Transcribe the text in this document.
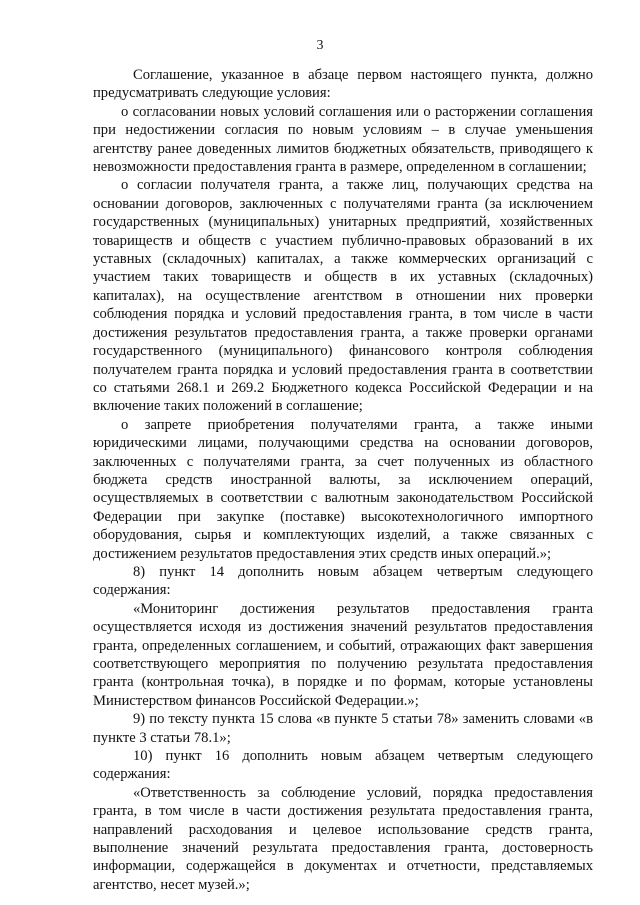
3

Соглашение, указанное в абзаце первом настоящего пункта, должно предусматривать следующие условия:

о согласовании новых условий соглашения или о расторжении соглашения при недостижении согласия по новым условиям – в случае уменьшения агентству ранее доведенных лимитов бюджетных обязательств, приводящего к невозможности предоставления гранта в размере, определенном в соглашении;

о согласии получателя гранта, а также лиц, получающих средства на основании договоров, заключенных с получателями гранта (за исключением государственных (муниципальных) унитарных предприятий, хозяйственных товариществ и обществ с участием публично-правовых образований в их уставных (складочных) капиталах, а также коммерческих организаций с участием таких товариществ и обществ в их уставных (складочных) капиталах), на осуществление агентством в отношении них проверки соблюдения порядка и условий предоставления гранта, в том числе в части достижения результатов предоставления гранта, а также проверки органами государственного (муниципального) финансового контроля соблюдения получателем гранта порядка и условий предоставления гранта в соответствии со статьями 268.1 и 269.2 Бюджетного кодекса Российской Федерации и на включение таких положений в соглашение;

о запрете приобретения получателями гранта, а также иными юридическими лицами, получающими средства на основании договоров, заключенных с получателями гранта, за счет полученных из областного бюджета средств иностранной валюты, за исключением операций, осуществляемых в соответствии с валютным законодательством Российской Федерации при закупке (поставке) высокотехнологичного импортного оборудования, сырья и комплектующих изделий, а также связанных с достижением результатов предоставления этих средств иных операций.»;

8) пункт 14 дополнить новым абзацем четвертым следующего содержания:

«Мониторинг достижения результатов предоставления гранта осуществляется исходя из достижения значений результатов предоставления гранта, определенных соглашением, и событий, отражающих факт завершения соответствующего мероприятия по получению результата предоставления гранта (контрольная точка), в порядке и по формам, которые установлены Министерством финансов Российской Федерации.»;

9) по тексту пункта 15 слова «в пункте 5 статьи 78» заменить словами «в пункте 3 статьи 78.1»;

10) пункт 16 дополнить новым абзацем четвертым следующего содержания:

«Ответственность за соблюдение условий, порядка предоставления гранта, в том числе в части достижения результата предоставления гранта, направлений расходования и целевое использование средств гранта, выполнение значений результата предоставления гранта, достоверность информации, содержащейся в документах и отчетности, представляемых агентство, несет музей.»;
